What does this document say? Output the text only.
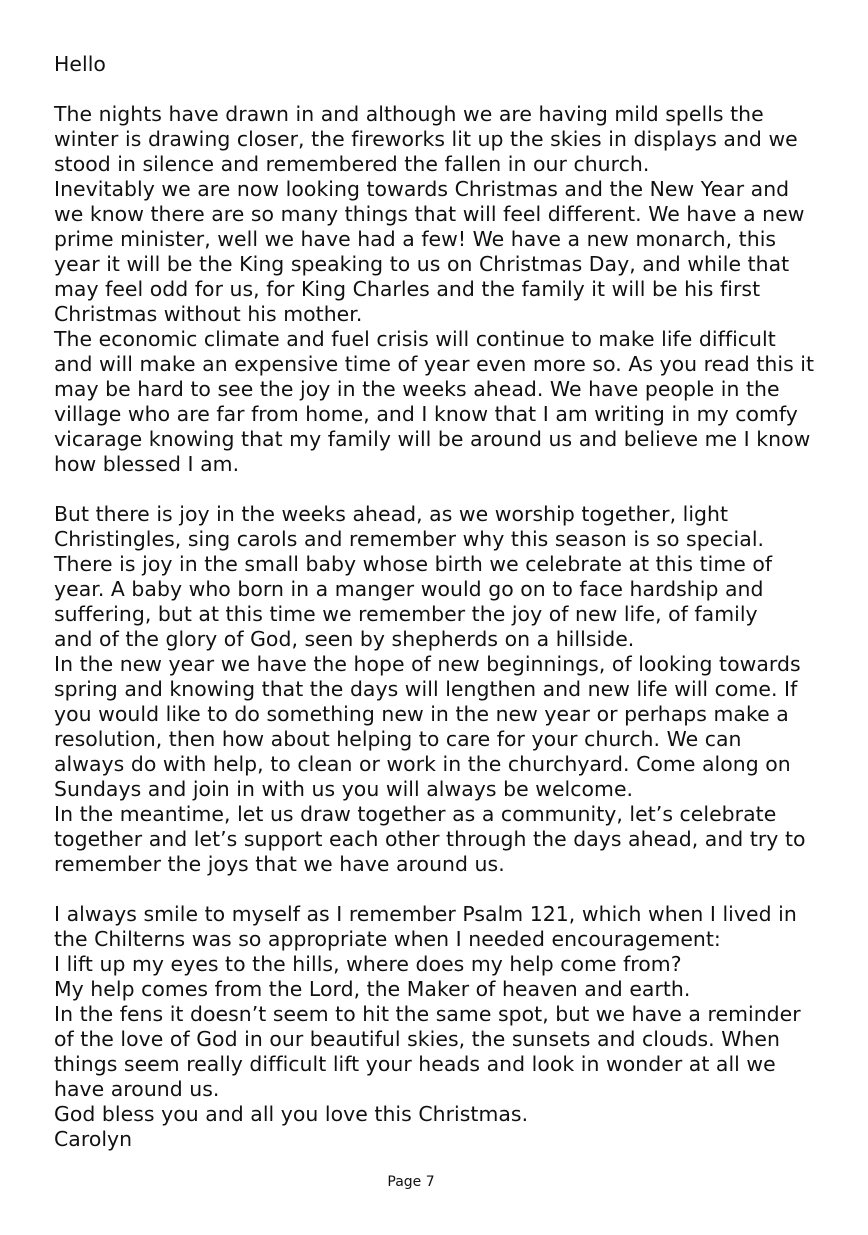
Hello
The nights have drawn in and although we are having mild spells the
winter is drawing closer, the fireworks lit up the skies in displays and we
stood in silence and remembered the fallen in our church.
Inevitably we are now looking towards Christmas and the New Year and
we know there are so many things that will feel different. We have a new
prime minister, well we have had a few! We have a new monarch, this
year it will be the King speaking to us on Christmas Day, and while that
may feel odd for us, for King Charles and the family it will be his first
Christmas without his mother.
The economic climate and fuel crisis will continue to make life difficult
and will make an expensive time of year even more so. As you read this it
may be hard to see the joy in the weeks ahead. We have people in the
village who are far from home, and I know that I am writing in my comfy
vicarage knowing that my family will be around us and believe me I know
how blessed I am.
But there is joy in the weeks ahead, as we worship together, light
Christingles, sing carols and remember why this season is so special.
There is joy in the small baby whose birth we celebrate at this time of
year. A baby who born in a manger would go on to face hardship and
suffering, but at this time we remember the joy of new life, of family
and of the glory of God, seen by shepherds on a hillside.
In the new year we have the hope of new beginnings, of looking towards
spring and knowing that the days will lengthen and new life will come. If
you would like to do something new in the new year or perhaps make a
resolution, then how about helping to care for your church. We can
always do with help, to clean or work in the churchyard. Come along on
Sundays and join in with us you will always be welcome.
In the meantime, let us draw together as a community, let’s celebrate
together and let’s support each other through the days ahead, and try to
remember the joys that we have around us.
I always smile to myself as I remember Psalm 121, which when I lived in
the Chilterns was so appropriate when I needed encouragement:
I lift up my eyes to the hills, where does my help come from?
My help comes from the Lord, the Maker of heaven and earth.
In the fens it doesn’t seem to hit the same spot, but we have a reminder
of the love of God in our beautiful skies, the sunsets and clouds. When
things seem really difficult lift your heads and look in wonder at all we
have around us.
God bless you and all you love this Christmas.
Carolyn
Page 7
